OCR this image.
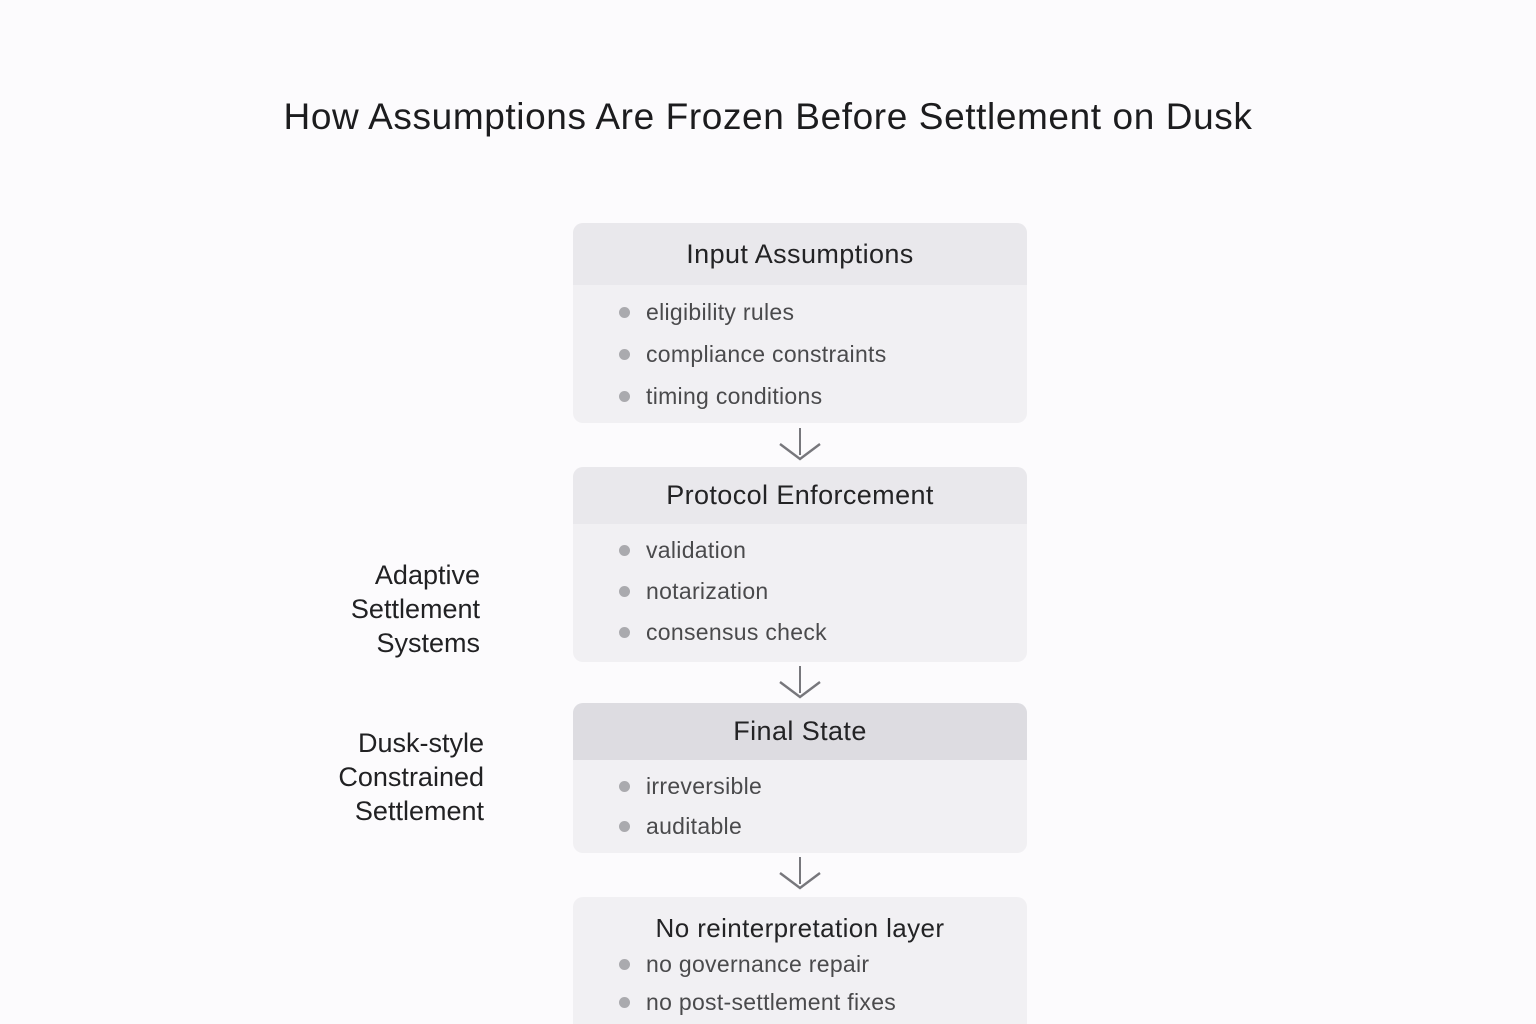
How Assumptions Are Frozen Before Settlement on Dusk
Adaptive
Settlement
Systems
Dusk-style
Constrained
Settlement
Input Assumptions
eligibility rules
compliance constraints
timing conditions
Protocol Enforcement
validation
notarization
consensus check
Final State
irreversible
auditable
No reinterpretation layer
no governance repair
no post-settlement fixes
